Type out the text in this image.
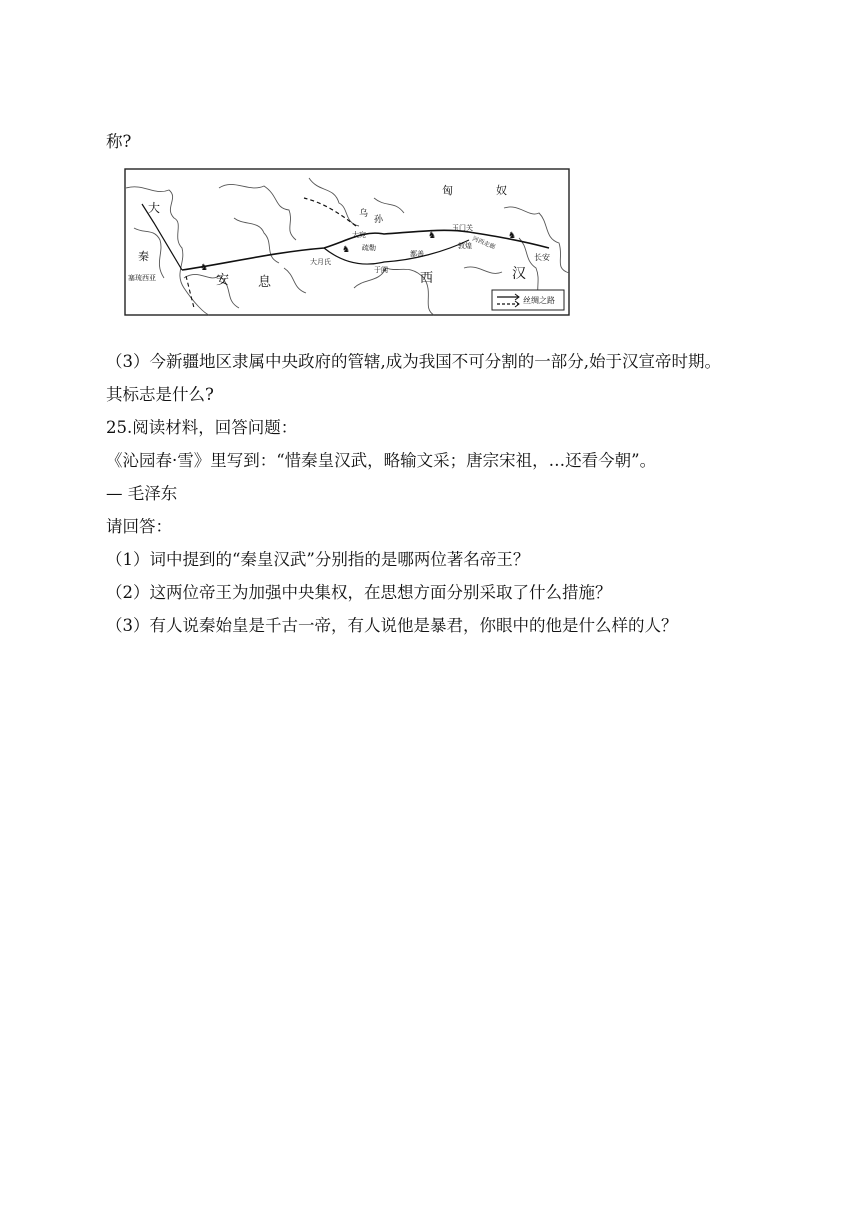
称?
匈	奴
大
秦
乌
孙
安 息	西	汉
长安
玉门关
大宛
疏勒
于阗
鄯善
敦煌 河西走廊
大月氏
塞琉西亚
♞
♞
♞	♞
丝绸之路
（3）今新疆地区隶属中央政府的管辖,成为我国不可分割的一部分,始于汉宣帝时期。
其标志是什么?
25.阅读材料，回答问题：
《沁园春·雪》里写到：“惜秦皇汉武，略输文采；唐宗宋祖，…还看今朝”。
— 毛泽东
请回答：
（1）词中提到的“秦皇汉武”分别指的是哪两位著名帝王？
（2）这两位帝王为加强中央集权，在思想方面分别采取了什么措施？
（3）有人说秦始皇是千古一帝，有人说他是暴君，你眼中的他是什么样的人？
